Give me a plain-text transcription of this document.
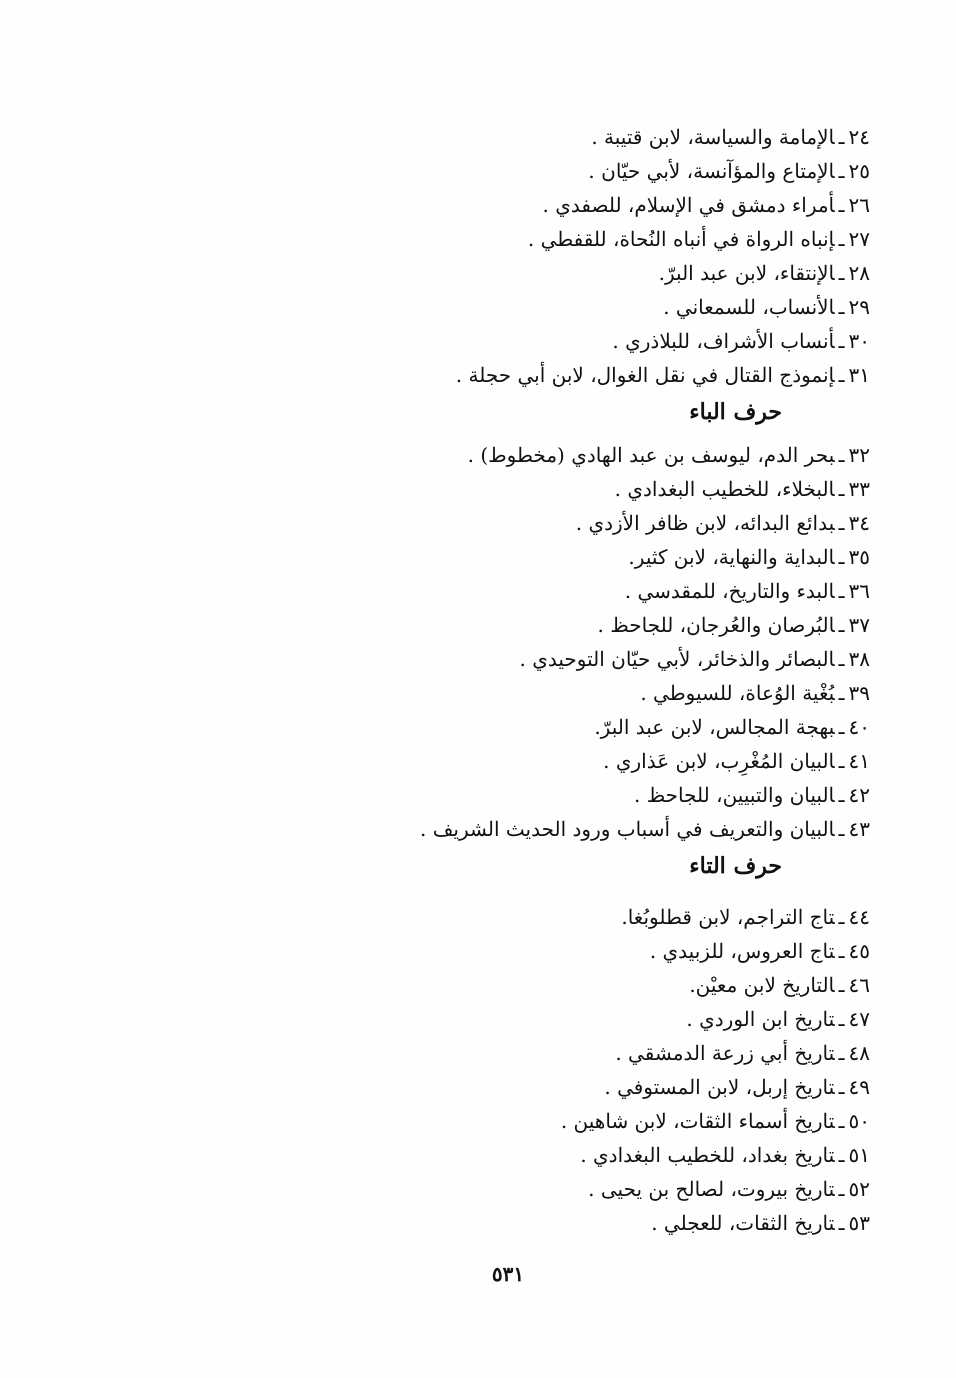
٢٤ـالإمامة والسياسة، لابن قتيبة .

٢٥ـالإمتاع والمؤآنسة، لأبي حيّان .

٢٦ـأمراء دمشق في الإسلام، للصفدي .

٢٧ـإنباه الرواة في أنباه النُحاة، للقفطي .

٢٨ـالإنتقاء، لابن عبد البرّ.

٢٩ـالأنساب، للسمعاني .

٣٠ـأنساب الأشراف، للبلاذري .

٣١ـإنموذج القتال في نقل الغوال، لابن أبي حجلة .

حرف الباء

٣٢ـبحر الدم، ليوسف بن عبد الهادي (مخطوط) .

٣٣ـالبخلاء، للخطيب البغدادي .

٣٤ـبدائع البدائه، لابن ظافر الأزدي .

٣٥ـالبداية والنهاية، لابن كثير.

٣٦ـالبدء والتاريخ، للمقدسي .

٣٧ـالبُرصان والعُرجان، للجاحظ .

٣٨ـالبصائر والذخائر، لأبي حيّان التوحيدي .

٣٩ـبُغْية الوُعاة، للسيوطي .

٤٠ـبهجة المجالس، لابن عبد البرّ.

٤١ـالبيان المُغْرِب، لابن عَذاري .

٤٢ـالبيان والتبيين، للجاحظ .

٤٣ـالبيان والتعريف في أسباب ورود الحديث الشريف .

حرف التاء

٤٤ـتاج التراجم، لابن قطلوبُغا.

٤٥ـتاج العروس، للزبيدي .

٤٦ـالتاريخ لابن معيْن.

٤٧ـتاريخ ابن الوردي .

٤٨ـتاريخ أبي زرعة الدمشقي .

٤٩ـتاريخ إربل، لابن المستوفي .

٥٠ـتاريخ أسماء الثقات، لابن شاهين .

٥١ـتاريخ بغداد، للخطيب البغدادي .

٥٢ـتاريخ بيروت، لصالح بن يحيى .

٥٣ـتاريخ الثقات، للعجلي .

٥٣١
